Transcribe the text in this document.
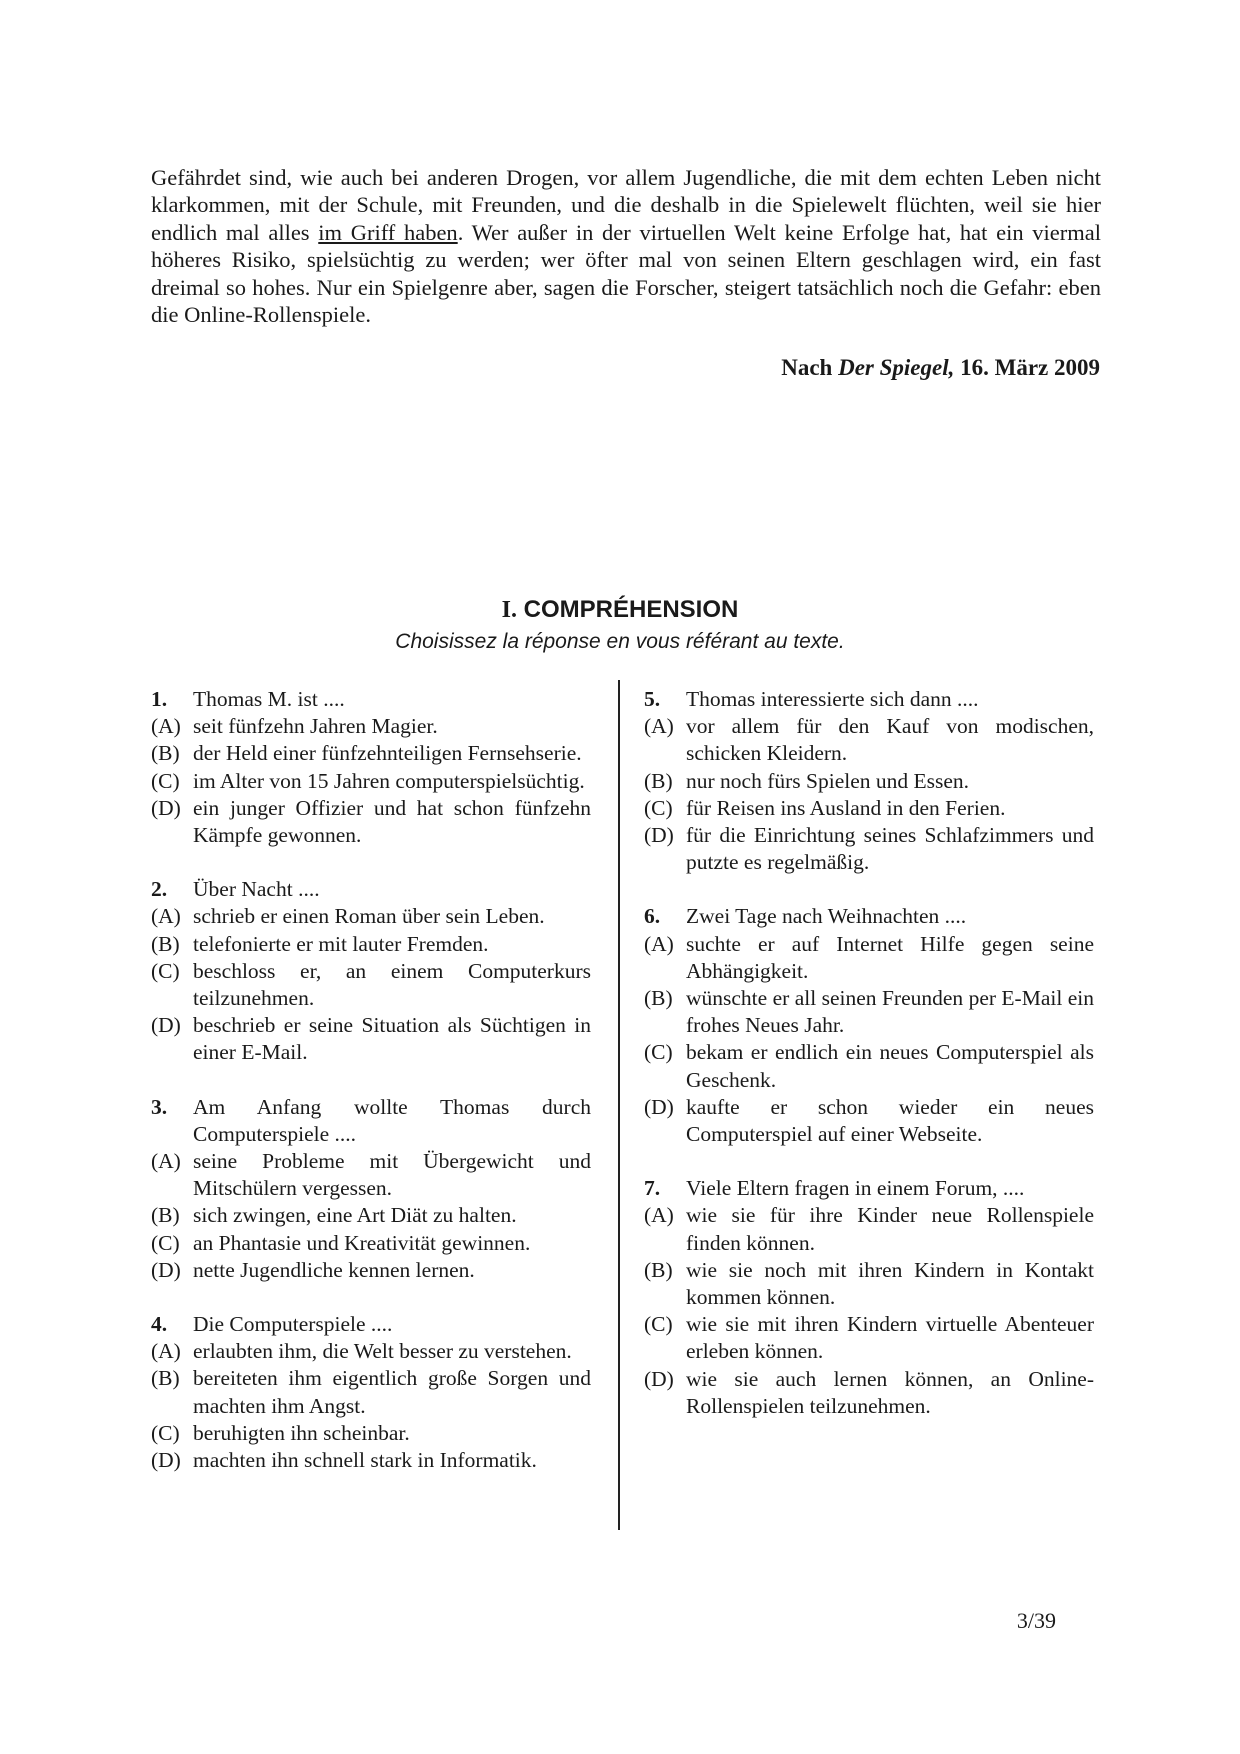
Gefährdet sind, wie auch bei anderen Drogen, vor allem Jugendliche, die mit dem echten Leben nicht klarkommen, mit der Schule, mit Freunden, und die deshalb in die Spielewelt flüchten, weil sie hier endlich mal alles im Griff haben. Wer außer in der virtuellen Welt keine Erfolge hat, hat ein viermal höheres Risiko, spielsüchtig zu werden; wer öfter mal von seinen Eltern geschlagen wird, ein fast dreimal so hohes. Nur ein Spielgenre aber, sagen die Forscher, steigert tatsächlich noch die Gefahr: eben die Online-Rollenspiele.
Nach Der Spiegel, 16. März 2009
I. COMPRÉHENSION
Choisissez la réponse en vous référant au texte.
1.	Thomas M. ist ....
(A) seit fünfzehn Jahren Magier.
(B) der Held einer fünfzehnteiligen Fernsehserie.
(C) im Alter von 15 Jahren computerspielsüchtig.
(D) ein junger Offizier und hat schon fünfzehn Kämpfe gewonnen.
2.	Über Nacht ....
(A) schrieb er einen Roman über sein Leben.
(B) telefonierte er mit lauter Fremden.
(C) beschloss er, an einem Computerkurs teilzunehmen.
(D) beschrieb er seine Situation als Süchtigen in einer E-Mail.
3.	Am Anfang wollte Thomas durch Computerspiele ....
(A) seine Probleme mit Übergewicht und Mitschülern vergessen.
(B) sich zwingen, eine Art Diät zu halten.
(C) an Phantasie und Kreativität gewinnen.
(D) nette Jugendliche kennen lernen.
4.	Die Computerspiele ....
(A) erlaubten ihm, die Welt besser zu verstehen.
(B) bereiteten ihm eigentlich große Sorgen und machten ihm Angst.
(C) beruhigten ihn scheinbar.
(D) machten ihn schnell stark in Informatik.
5.	Thomas interessierte sich dann ....
(A) vor allem für den Kauf von modischen, schicken Kleidern.
(B) nur noch fürs Spielen und Essen.
(C) für Reisen ins Ausland in den Ferien.
(D) für die Einrichtung seines Schlafzimmers und putzte es regelmäßig.
6.	Zwei Tage nach Weihnachten ....
(A) suchte er auf Internet Hilfe gegen seine Abhängigkeit.
(B) wünschte er all seinen Freunden per E-Mail ein frohes Neues Jahr.
(C) bekam er endlich ein neues Computerspiel als Geschenk.
(D) kaufte er schon wieder ein neues Computerspiel auf einer Webseite.
7.	Viele Eltern fragen in einem Forum, ....
(A) wie sie für ihre Kinder neue Rollenspiele finden können.
(B) wie sie noch mit ihren Kindern in Kontakt kommen können.
(C) wie sie mit ihren Kindern virtuelle Abenteuer erleben können.
(D) wie sie auch lernen können, an Online-Rollenspielen teilzunehmen.
3/39
